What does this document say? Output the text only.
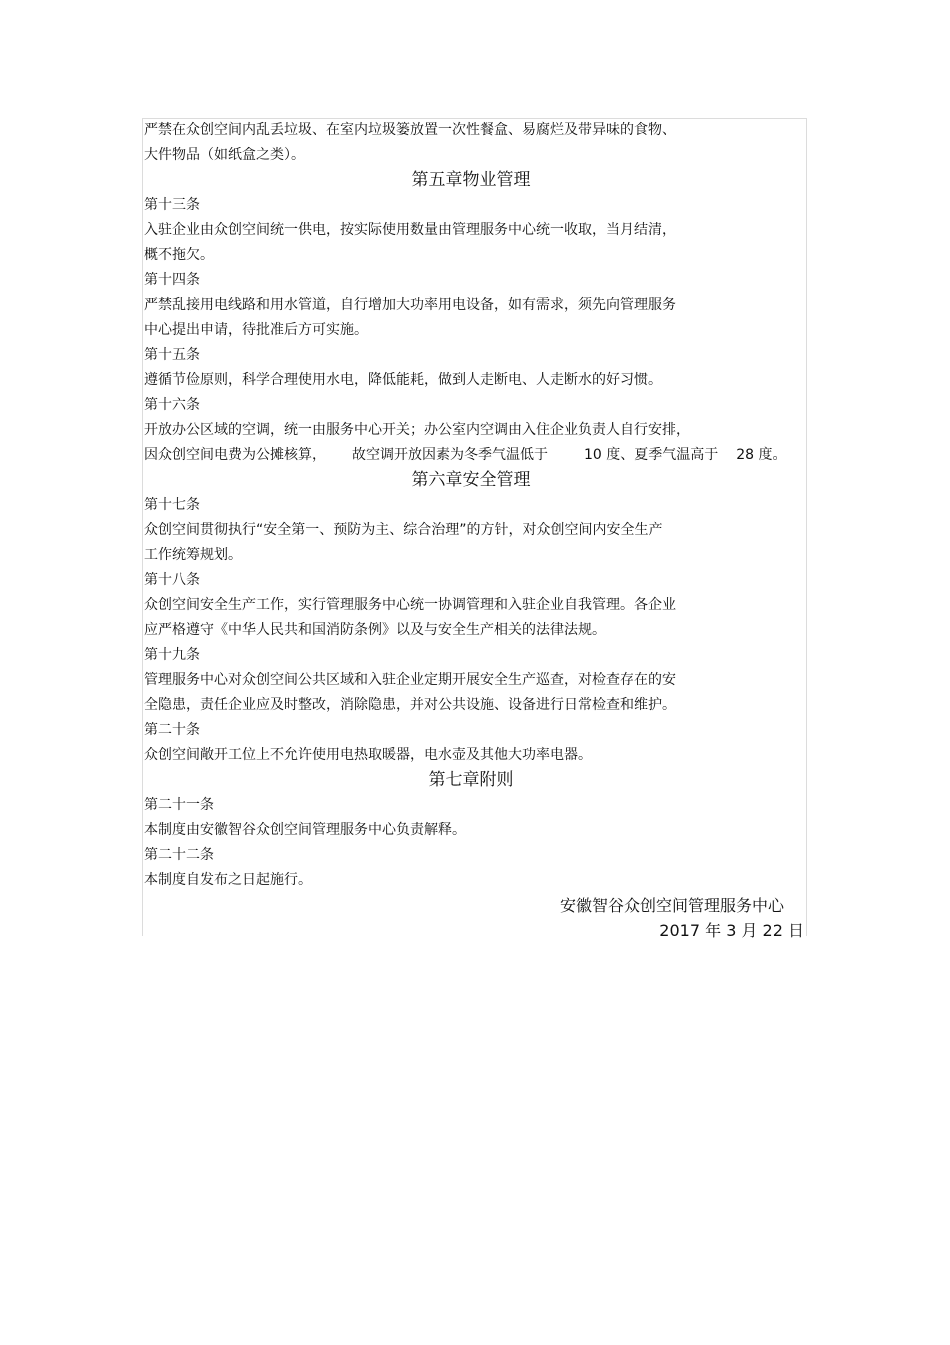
严禁在众创空间内乱丢垃圾、在室内垃圾篓放置一次性餐盒、易腐烂及带异味的食物、
大件物品（如纸盒之类）。
第五章物业管理
第十三条
入驻企业由众创空间统一供电，按实际使用数量由管理服务中心统一收取，当月结清，
概不拖欠。
第十四条
严禁乱接用电线路和用水管道，自行增加大功率用电设备，如有需求，须先向管理服务
中心提出申请，待批准后方可实施。
第十五条
遵循节俭原则，科学合理使用水电，降低能耗，做到人走断电、人走断水的好习惯。
第十六条
开放办公区域的空调，统一由服务中心开关；办公室内空调由入住企业负责人自行安排，
因众创空间电费为公摊核算， 故空调开放因素为冬季气温低于	10 度、夏季气温高于 28 度。
第六章安全管理
第十七条
众创空间贯彻执行“安全第一、预防为主、综合治理”的方针，对众创空间内安全生产
工作统筹规划。
第十八条
众创空间安全生产工作，实行管理服务中心统一协调管理和入驻企业自我管理。各企业
应严格遵守《中华人民共和国消防条例》以及与安全生产相关的法律法规。
第十九条
管理服务中心对众创空间公共区域和入驻企业定期开展安全生产巡查，对检查存在的安
全隐患，责任企业应及时整改，消除隐患，并对公共设施、设备进行日常检查和维护。
第二十条
众创空间敞开工位上不允许使用电热取暖器，电水壶及其他大功率电器。
第七章附则
第二十一条
本制度由安徽智谷众创空间管理服务中心负责解释。
第二十二条
本制度自发布之日起施行。
安徽智谷众创空间管理服务中心
2017 年 3 月 22 日
